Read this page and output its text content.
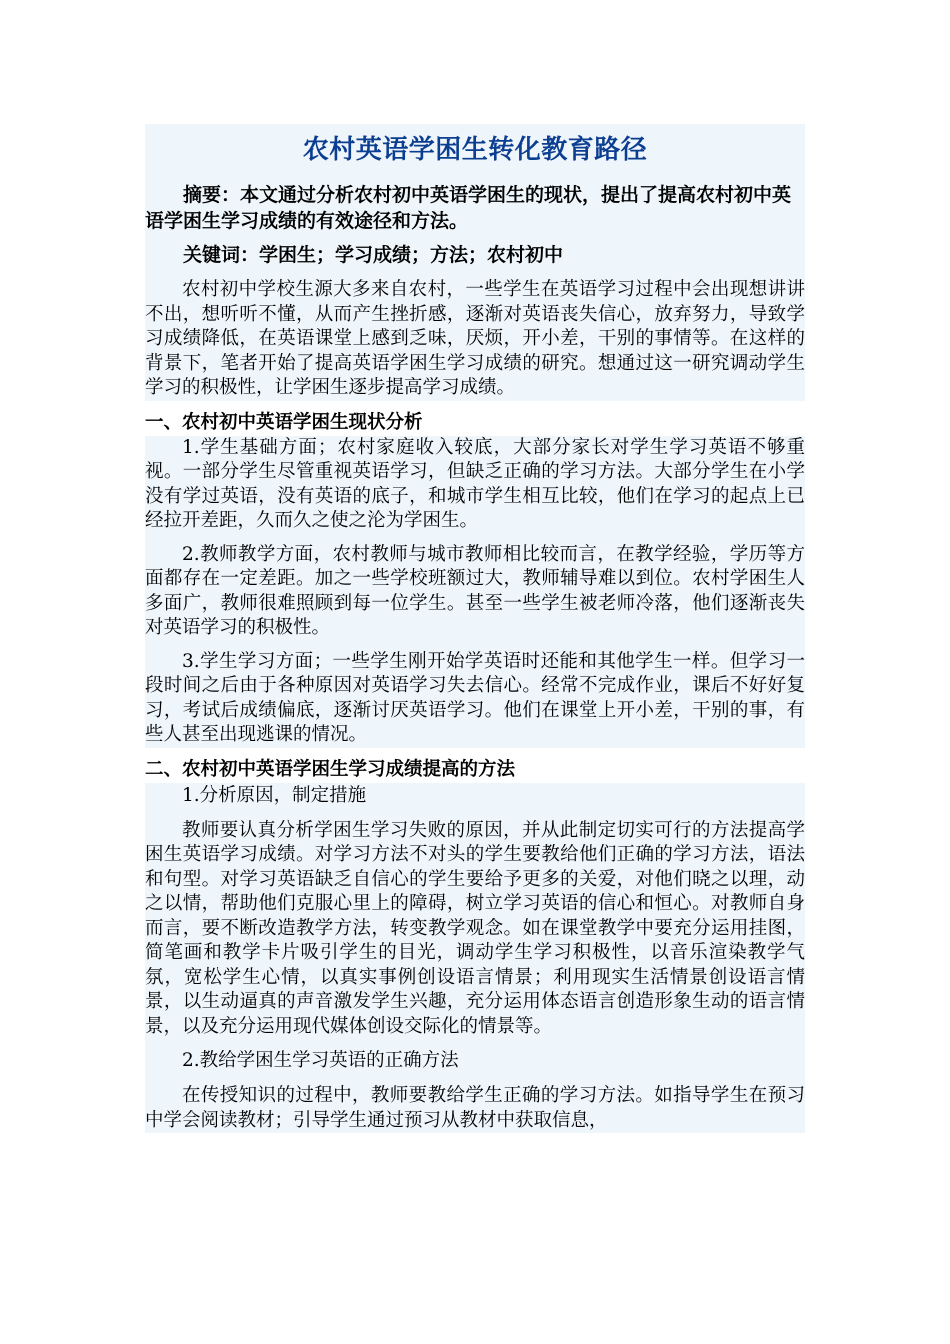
农村英语学困生转化教育路径

摘要：本文通过分析农村初中英语学困生的现状，提出了提高农村初中英语学困生学习成绩的有效途径和方法。

关键词：学困生；学习成绩；方法；农村初中

农村初中学校生源大多来自农村，一些学生在英语学习过程中会出现想讲讲不出，想听听不懂，从而产生挫折感，逐渐对英语丧失信心，放弃努力，导致学习成绩降低，在英语课堂上感到乏味，厌烦，开小差，干别的事情等。在这样的背景下，笔者开始了提高英语学困生学习成绩的研究。想通过这一研究调动学生学习的积极性，让学困生逐步提高学习成绩。

一、农村初中英语学困生现状分析

1.学生基础方面；农村家庭收入较底，大部分家长对学生学习英语不够重视。一部分学生尽管重视英语学习，但缺乏正确的学习方法。大部分学生在小学没有学过英语，没有英语的底子，和城市学生相互比较，他们在学习的起点上已经拉开差距，久而久之使之沦为学困生。

2.教师教学方面，农村教师与城市教师相比较而言，在教学经验，学历等方面都存在一定差距。加之一些学校班额过大，教师辅导难以到位。农村学困生人多面广，教师很难照顾到每一位学生。甚至一些学生被老师冷落，他们逐渐丧失对英语学习的积极性。

3.学生学习方面；一些学生刚开始学英语时还能和其他学生一样。但学习一段时间之后由于各种原因对英语学习失去信心。经常不完成作业，课后不好好复习，考试后成绩偏底，逐渐讨厌英语学习。他们在课堂上开小差，干别的事，有些人甚至出现逃课的情况。

二、农村初中英语学困生学习成绩提高的方法

1.分析原因，制定措施

教师要认真分析学困生学习失败的原因，并从此制定切实可行的方法提高学困生英语学习成绩。对学习方法不对头的学生要教给他们正确的学习方法，语法和句型。对学习英语缺乏自信心的学生要给予更多的关爱，对他们晓之以理，动之以情，帮助他们克服心里上的障碍，树立学习英语的信心和恒心。对教师自身而言，要不断改造教学方法，转变教学观念。如在课堂教学中要充分运用挂图，简笔画和教学卡片吸引学生的目光，调动学生学习积极性，以音乐渲染教学气氛，宽松学生心情，以真实事例创设语言情景；利用现实生活情景创设语言情景，以生动逼真的声音激发学生兴趣，充分运用体态语言创造形象生动的语言情景，以及充分运用现代媒体创设交际化的情景等。

2.教给学困生学习英语的正确方法

在传授知识的过程中，教师要教给学生正确的学习方法。如指导学生在预习中学会阅读教材；引导学生通过预习从教材中获取信息，
